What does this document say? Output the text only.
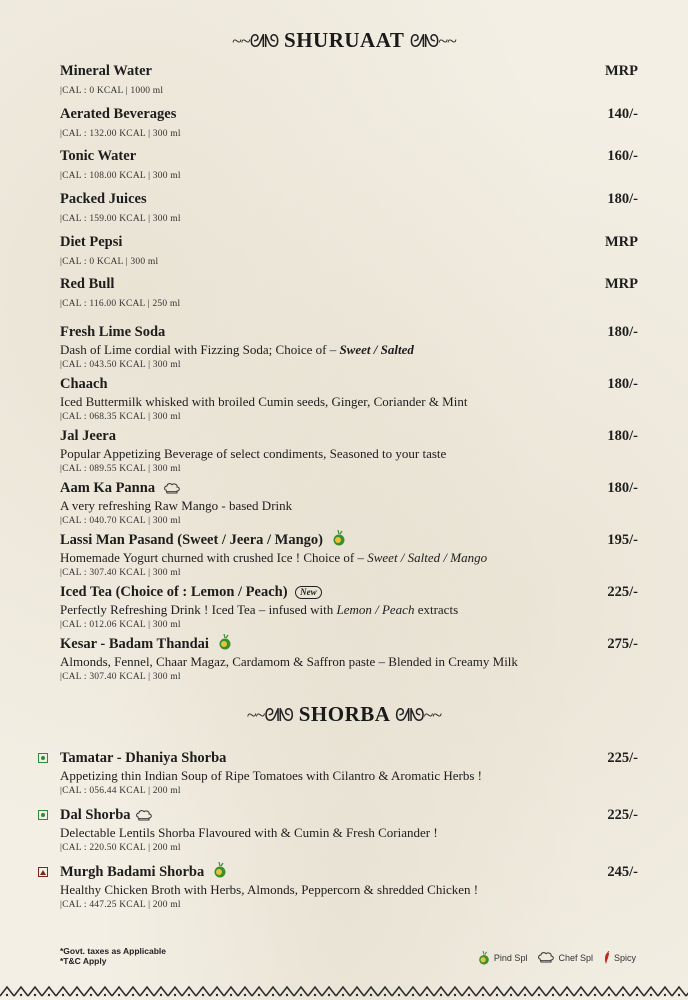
~~ᘛᘚ SHURUAAT ᘛᘚ~~
Mineral Water	MRP
|CAL : 0 KCAL | 1000 ml
Aerated Beverages	140/-
|CAL : 132.00 KCAL | 300 ml
Tonic Water	160/-
|CAL : 108.00 KCAL | 300 ml
Packed Juices	180/-
|CAL : 159.00 KCAL | 300 ml
Diet Pepsi	MRP
|CAL : 0 KCAL | 300 ml
Red Bull	MRP
|CAL : 116.00 KCAL | 250 ml
Fresh Lime Soda	180/-
Dash of Lime cordial with Fizzing Soda; Choice of – Sweet / Salted
|CAL : 043.50 KCAL | 300 ml
Chaach	180/-
Iced Buttermilk whisked with broiled Cumin seeds, Ginger, Coriander & Mint
|CAL : 068.35 KCAL | 300 ml
Jal Jeera	180/-
Popular Appetizing Beverage of select condiments, Seasoned to your taste
|CAL : 089.55 KCAL | 300 ml
Aam Ka Panna	180/-
A very refreshing Raw Mango - based Drink
|CAL : 040.70 KCAL | 300 ml
Lassi Man Pasand (Sweet / Jeera / Mango)	195/-
Homemade Yogurt churned with crushed Ice ! Choice of – Sweet / Salted / Mango
|CAL : 307.40 KCAL | 300 ml
Iced Tea (Choice of : Lemon / Peach) New	225/-
Perfectly Refreshing Drink ! Iced Tea – infused with Lemon / Peach extracts
|CAL : 012.06 KCAL | 300 ml
Kesar - Badam Thandai	275/-
Almonds, Fennel, Chaar Magaz, Cardamom & Saffron paste – Blended in Creamy Milk
|CAL : 307.40 KCAL | 300 ml
~~ᘛᘚ SHORBA ᘛᘚ~~
Tamatar - Dhaniya Shorba	225/-
Appetizing thin Indian Soup of Ripe Tomatoes with Cilantro & Aromatic Herbs !
|CAL : 056.44 KCAL | 200 ml
Dal Shorba	225/-
Delectable Lentils Shorba Flavoured with & Cumin & Fresh Coriander !
|CAL : 220.50 KCAL | 200 ml
Murgh Badami Shorba	245/-
Healthy Chicken Broth with Herbs, Almonds, Peppercorn & shredded Chicken !
|CAL : 447.25 KCAL | 200 ml
*Govt. taxes as Applicable
*T&C Apply	Pind Spl	Chef Spl Spicy
